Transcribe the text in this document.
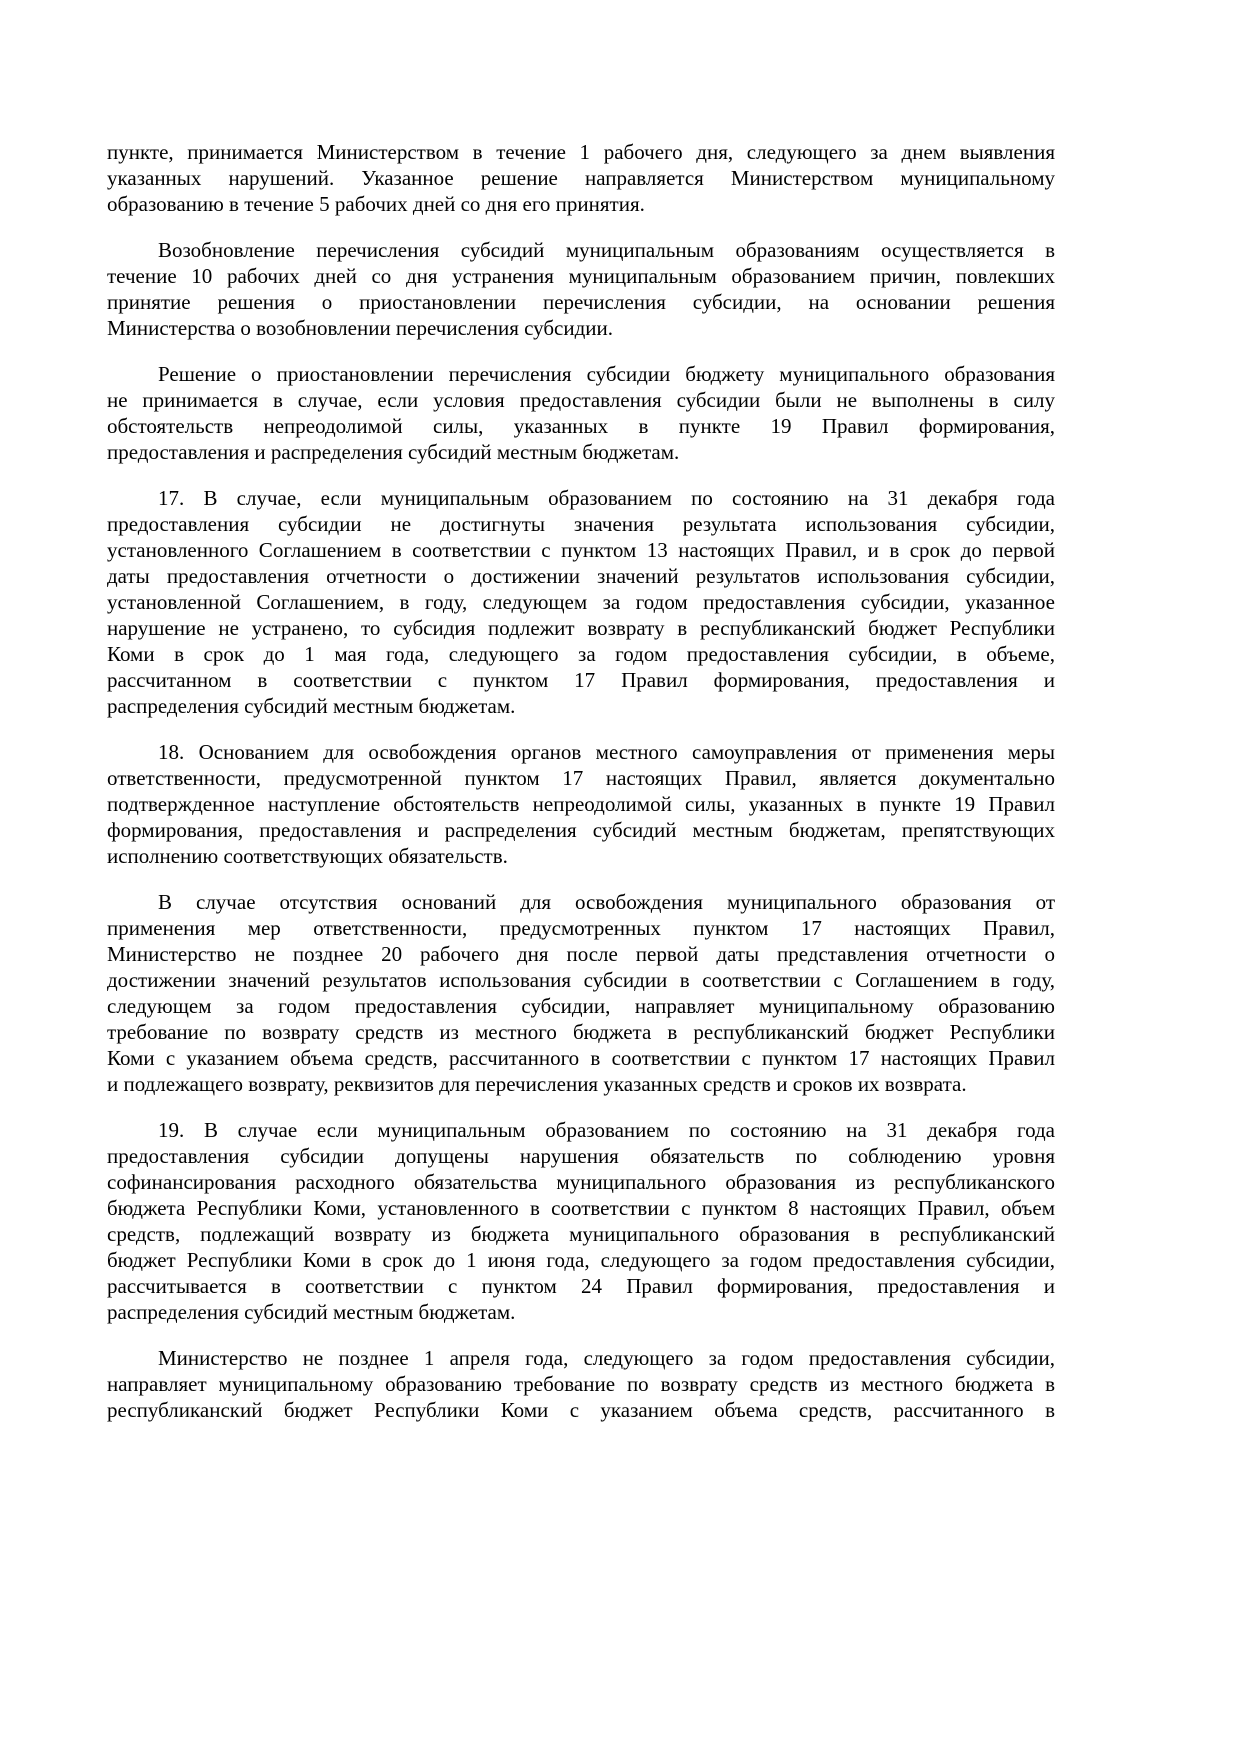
пункте, принимается Министерством в течение 1 рабочего дня, следующего за днем выявления
указанных нарушений. Указанное решение направляется Министерством муниципальному
образованию в течение 5 рабочих дней со дня его принятия.
Возобновление перечисления субсидий муниципальным образованиям осуществляется в
течение 10 рабочих дней со дня устранения муниципальным образованием причин, повлекших
принятие решения о приостановлении перечисления субсидии, на основании решения
Министерства о возобновлении перечисления субсидии.
Решение о приостановлении перечисления субсидии бюджету муниципального образования
не принимается в случае, если условия предоставления субсидии были не выполнены в силу
обстоятельств непреодолимой силы, указанных в пункте 19 Правил формирования,
предоставления и распределения субсидий местным бюджетам.
17. В случае, если муниципальным образованием по состоянию на 31 декабря года
предоставления субсидии не достигнуты значения результата использования субсидии,
установленного Соглашением в соответствии с пунктом 13 настоящих Правил, и в срок до первой
даты предоставления отчетности о достижении значений результатов использования субсидии,
установленной Соглашением, в году, следующем за годом предоставления субсидии, указанное
нарушение не устранено, то субсидия подлежит возврату в республиканский бюджет Республики
Коми в срок до 1 мая года, следующего за годом предоставления субсидии, в объеме,
рассчитанном в соответствии с пунктом 17 Правил формирования, предоставления и
распределения субсидий местным бюджетам.
18. Основанием для освобождения органов местного самоуправления от применения меры
ответственности, предусмотренной пунктом 17 настоящих Правил, является документально
подтвержденное наступление обстоятельств непреодолимой силы, указанных в пункте 19 Правил
формирования, предоставления и распределения субсидий местным бюджетам, препятствующих
исполнению соответствующих обязательств.
В случае отсутствия оснований для освобождения муниципального образования от
применения мер ответственности, предусмотренных пунктом 17 настоящих Правил,
Министерство не позднее 20 рабочего дня после первой даты представления отчетности о
достижении значений результатов использования субсидии в соответствии с Соглашением в году,
следующем за годом предоставления субсидии, направляет муниципальному образованию
требование по возврату средств из местного бюджета в республиканский бюджет Республики
Коми с указанием объема средств, рассчитанного в соответствии с пунктом 17 настоящих Правил
и подлежащего возврату, реквизитов для перечисления указанных средств и сроков их возврата.
19. В случае если муниципальным образованием по состоянию на 31 декабря года
предоставления субсидии допущены нарушения обязательств по соблюдению уровня
софинансирования расходного обязательства муниципального образования из республиканского
бюджета Республики Коми, установленного в соответствии с пунктом 8 настоящих Правил, объем
средств, подлежащий возврату из бюджета муниципального образования в республиканский
бюджет Республики Коми в срок до 1 июня года, следующего за годом предоставления субсидии,
рассчитывается в соответствии с пунктом 24 Правил формирования, предоставления и
распределения субсидий местным бюджетам.
Министерство не позднее 1 апреля года, следующего за годом предоставления субсидии,
направляет муниципальному образованию требование по возврату средств из местного бюджета в
республиканский бюджет Республики Коми с указанием объема средств, рассчитанного в
